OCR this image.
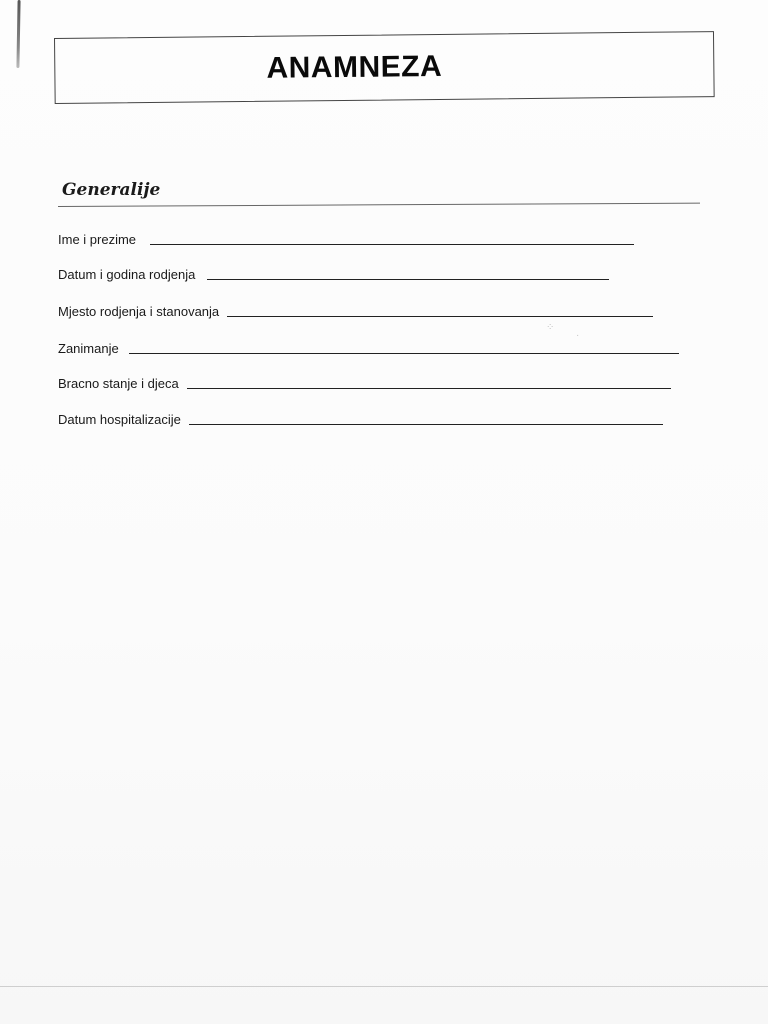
ANAMNEZA
Generalije
Ime i prezime
Datum i godina rodjenja
Mjesto rodjenja i stanovanja
Zanimanje
Bracno stanje i djeca
Datum hospitalizacije
⁘
·
